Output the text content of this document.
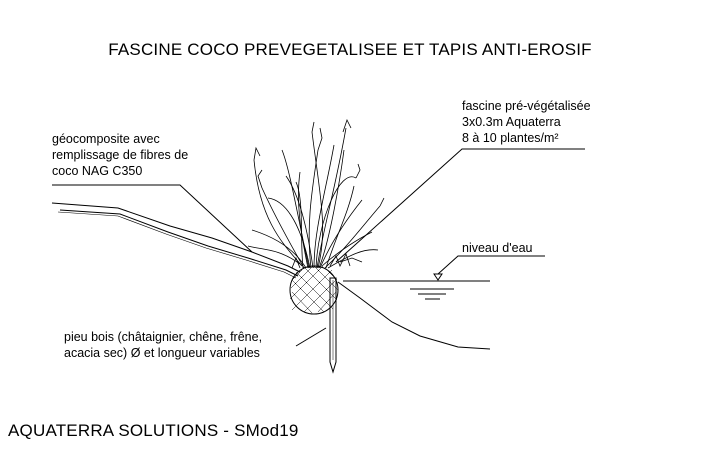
FASCINE COCO PREVEGETALISEE ET TAPIS ANTI-EROSIF
géocomposite avec
remplissage de fibres de
coco NAG C350
fascine pré-végétalisée
3x0.3m Aquaterra
8 à 10 plantes/m²
niveau d'eau
pieu bois (châtaignier, chêne, frêne,
acacia sec) Ø et longueur variables
AQUATERRA SOLUTIONS - SMod19
